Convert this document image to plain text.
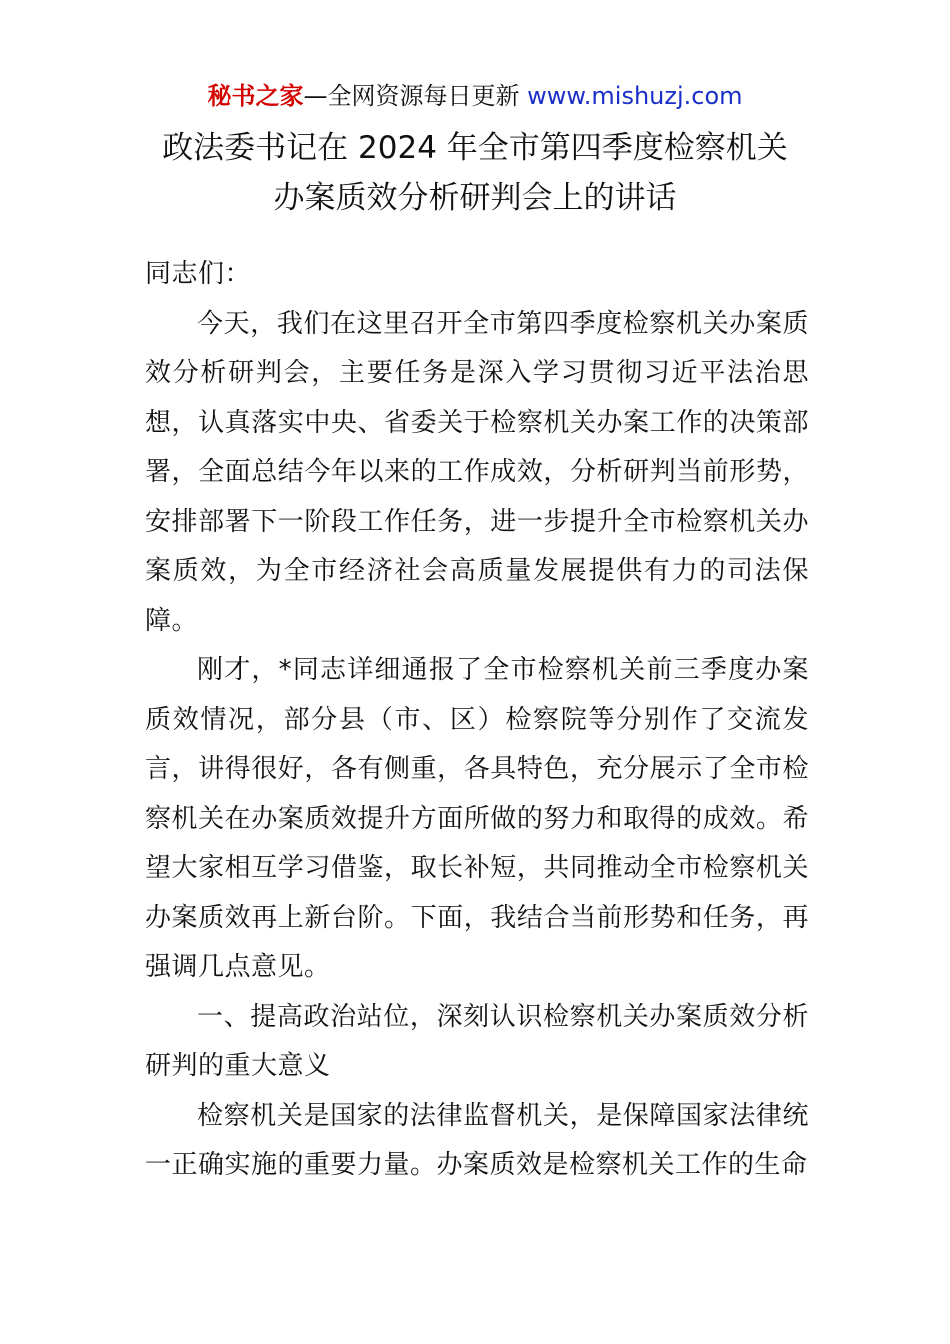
秘书之家—全网资源每日更新 www.mishuzj.com
政法委书记在 2024 年全市第四季度检察机关
办案质效分析研判会上的讲话

同志们：

今天，我们在这里召开全市第四季度检察机关办案质效分析研判会，主要任务是深入学习贯彻习近平法治思想，认真落实中央、省委关于检察机关办案工作的决策部署，全面总结今年以来的工作成效，分析研判当前形势，安排部署下一阶段工作任务，进一步提升全市检察机关办案质效，为全市经济社会高质量发展提供有力的司法保障。

刚才，*同志详细通报了全市检察机关前三季度办案质效情况，部分县（市、区）检察院等分别作了交流发言，讲得很好，各有侧重，各具特色，充分展示了全市检察机关在办案质效提升方面所做的努力和取得的成效。希望大家相互学习借鉴，取长补短，共同推动全市检察机关办案质效再上新台阶。下面，我结合当前形势和任务，再强调几点意见。

一、提高政治站位，深刻认识检察机关办案质效分析研判的重大意义

检察机关是国家的法律监督机关，是保障国家法律统一正确实施的重要力量。办案质效是检察机关工作的生命
